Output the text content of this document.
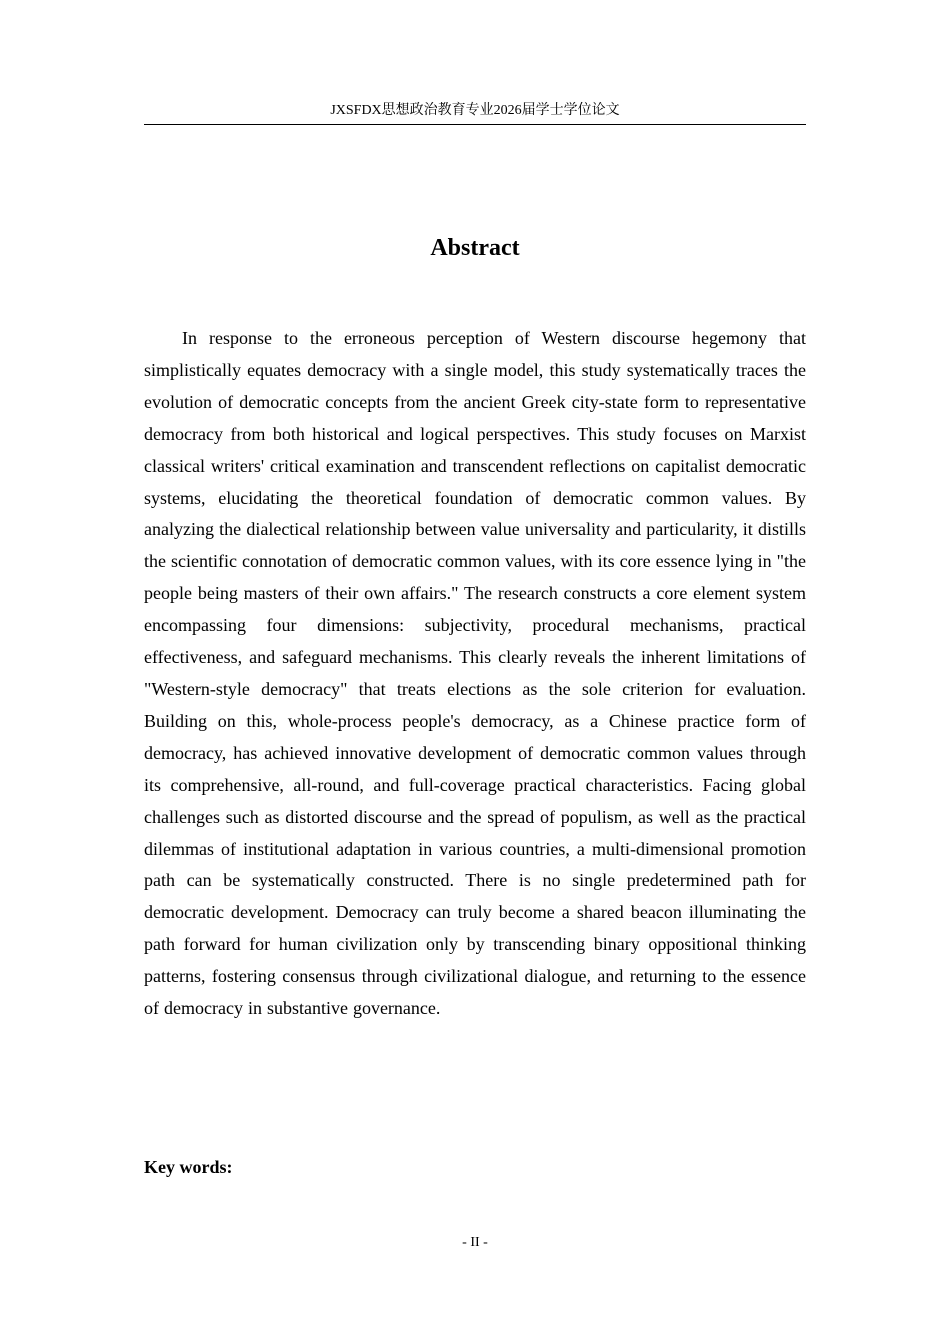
JXSFDX思想政治教育专业2026届学士学位论文
Abstract

In response to the erroneous perception of Western discourse hegemony that simplistically equates democracy with a single model, this study systematically traces the evolution of democratic concepts from the ancient Greek city-state form to representative democracy from both historical and logical perspectives. This study focuses on Marxist classical writers' critical examination and transcendent reflections on capitalist democratic systems, elucidating the theoretical foundation of democratic common values. By analyzing the dialectical relationship between value universality and particularity, it distills the scientific connotation of democratic common values, with its core essence lying in "the people being masters of their own affairs." The research constructs a core element system encompassing four dimensions: subjectivity, procedural mechanisms, practical effectiveness, and safeguard mechanisms. This clearly reveals the inherent limitations of "Western-style democracy" that treats elections as the sole criterion for evaluation. Building on this, whole-process people's democracy, as a Chinese practice form of democracy, has achieved innovative development of democratic common values through its comprehensive, all-round, and full-coverage practical characteristics. Facing global challenges such as distorted discourse and the spread of populism, as well as the practical dilemmas of institutional adaptation in various countries, a multi-dimensional promotion path can be systematically constructed. There is no single predetermined path for democratic development. Democracy can truly become a shared beacon illuminating the path forward for human civilization only by transcending binary oppositional thinking patterns, fostering consensus through civilizational dialogue, and returning to the essence of democracy in substantive governance.

Key words:

- II -
